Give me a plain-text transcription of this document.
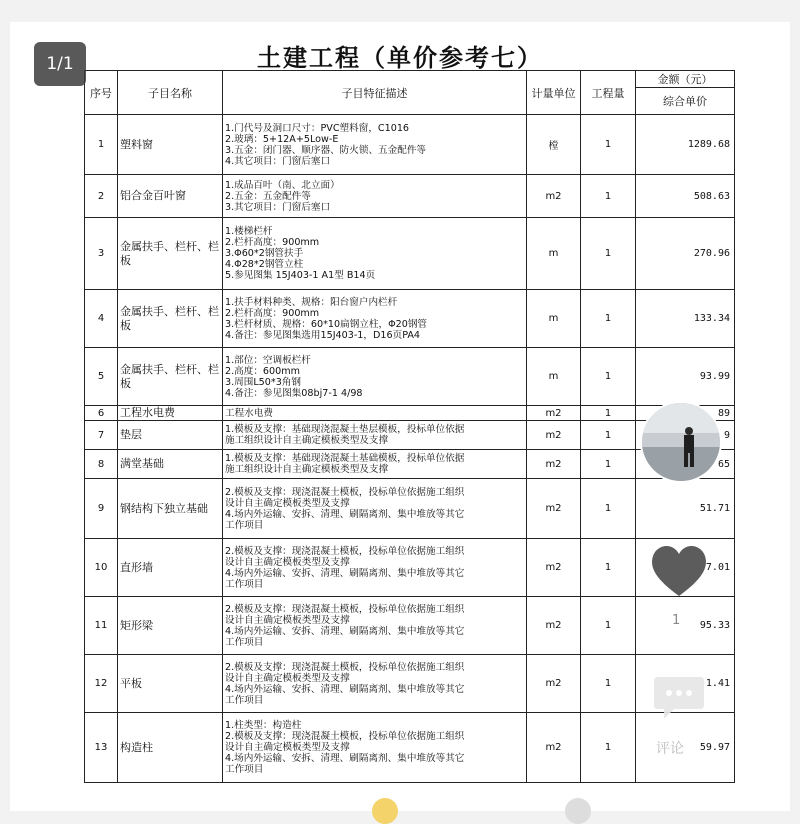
土建工程（单价参考七）
序号	子目名称	子目特征描述	计量单位	工程量	金额（元）
					综合单价
1	塑料窗	1.门代号及洞口尺寸：PVC塑料窗，C1016
2.玻璃：5+12A+5Low-E
3.五金：闭门器、顺序器、防火锁、五金配件等
4.其它项目：门窗后塞口	樘	1	1289.68
2	铝合金百叶窗	1.成品百叶（南、北立面）
2.五金：五金配件等
3.其它项目：门窗后塞口	m2	1	508.63
3	金属扶手、栏杆、栏板	1.楼梯栏杆
2.栏杆高度：900mm
3.Φ60*2钢管扶手
4.Φ28*2钢管立柱
5.参见图集 15J403-1 A1型 B14页	m	1	270.96
4	金属扶手、栏杆、栏板	1.扶手材料种类、规格：阳台窗户内栏杆
2.栏杆高度：900mm
3.栏杆材质、规格：60*10扁钢立柱，Φ20钢管
4.备注：参见图集选用15J403-1，D16页PA4	m	1	133.34
5	金属扶手、栏杆、栏板	1.部位：空调板栏杆
2.高度：600mm
3.周围L50*3角钢
4.备注：参见图集08bj7-1 4/98	m	1	93.99
6	工程水电费	工程水电费	m2	1	89
7	垫层	1.模板及支撑：基础现浇混凝土垫层模板，投标单位依据
施工组织设计自主确定模板类型及支撑	m2	1	9
8	满堂基础	1.模板及支撑：基础现浇混凝土基础模板，投标单位依据
施工组织设计自主确定模板类型及支撑	m2	1	65
9	钢结构下独立基础	2.模板及支撑：现浇混凝土模板，投标单位依据施工组织
设计自主确定模板类型及支撑
4.场内外运输、安拆、清理、刷隔离剂、集中堆放等其它
工作项目	m2	1	51.71
10	直形墙	2.模板及支撑：现浇混凝土模板，投标单位依据施工组织
设计自主确定模板类型及支撑
4.场内外运输、安拆、清理、刷隔离剂、集中堆放等其它
工作项目	m2	1	7.01
11	矩形梁	2.模板及支撑：现浇混凝土模板，投标单位依据施工组织
设计自主确定模板类型及支撑
4.场内外运输、安拆、清理、刷隔离剂、集中堆放等其它
工作项目	m2	1	95.33
12	平板	2.模板及支撑：现浇混凝土模板，投标单位依据施工组织
设计自主确定模板类型及支撑
4.场内外运输、安拆、清理、刷隔离剂、集中堆放等其它
工作项目	m2	1	1.41
13	构造柱	1.柱类型：构造柱
2.模板及支撑：现浇混凝土模板，投标单位依据施工组织
设计自主确定模板类型及支撑
4.场内外运输、安拆、清理、刷隔离剂、集中堆放等其它
工作项目	m2	1	59.97
1/1
1
评论
